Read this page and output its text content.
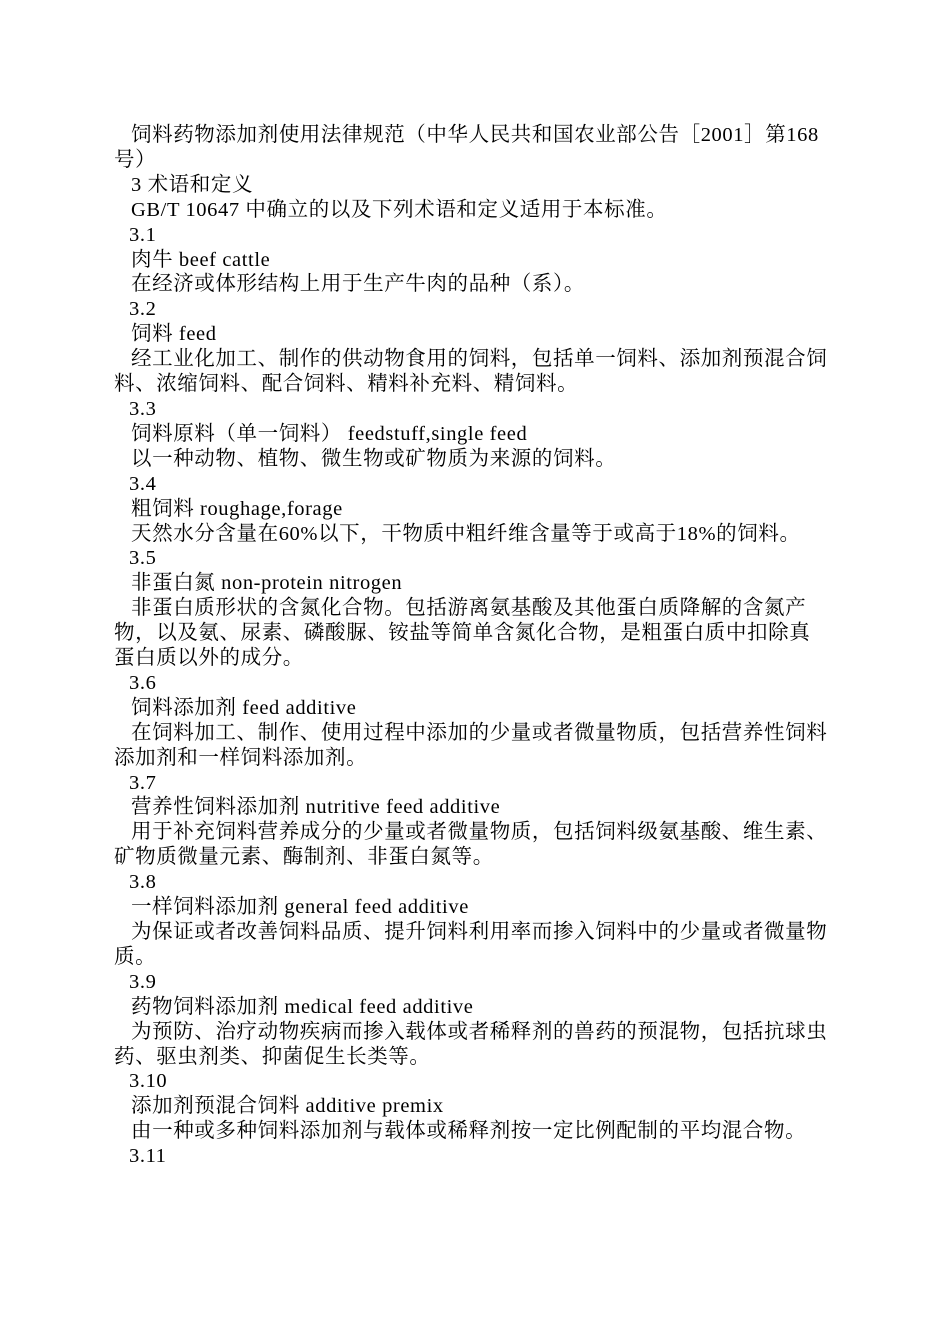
饲料药物添加剂使用法律规范（中华人民共和国农业部公告［2001］第168号）

3 术语和定义

GB/T 10647 中确立的以及下列术语和定义适用于本标准。

3.1

肉牛 beef cattle

在经济或体形结构上用于生产牛肉的品种（系）。

3.2

饲料 feed

经工业化加工、制作的供动物食用的饲料，包括单一饲料、添加剂预混合饲料、浓缩饲料、配合饲料、精料补充料、精饲料。

3.3

饲料原料（单一饲料） feedstuff,single feed

以一种动物、植物、微生物或矿物质为来源的饲料。

3.4

粗饲料 roughage,forage

天然水分含量在60%以下，干物质中粗纤维含量等于或高于18%的饲料。

3.5

非蛋白氮 non-protein nitrogen

非蛋白质形状的含氮化合物。包括游离氨基酸及其他蛋白质降解的含氮产物，以及氨、尿素、磷酸脲、铵盐等简单含氮化合物，是粗蛋白质中扣除真蛋白质以外的成分。

3.6

饲料添加剂 feed additive

在饲料加工、制作、使用过程中添加的少量或者微量物质，包括营养性饲料添加剂和一样饲料添加剂。

3.7

营养性饲料添加剂 nutritive feed additive

用于补充饲料营养成分的少量或者微量物质，包括饲料级氨基酸、维生素、矿物质微量元素、酶制剂、非蛋白氮等。

3.8

一样饲料添加剂 general feed additive

为保证或者改善饲料品质、提升饲料利用率而掺入饲料中的少量或者微量物质。

3.9

药物饲料添加剂 medical feed additive

为预防、治疗动物疾病而掺入载体或者稀释剂的兽药的预混物，包括抗球虫药、驱虫剂类、抑菌促生长类等。

3.10

添加剂预混合饲料 additive premix

由一种或多种饲料添加剂与载体或稀释剂按一定比例配制的平均混合物。

3.11
